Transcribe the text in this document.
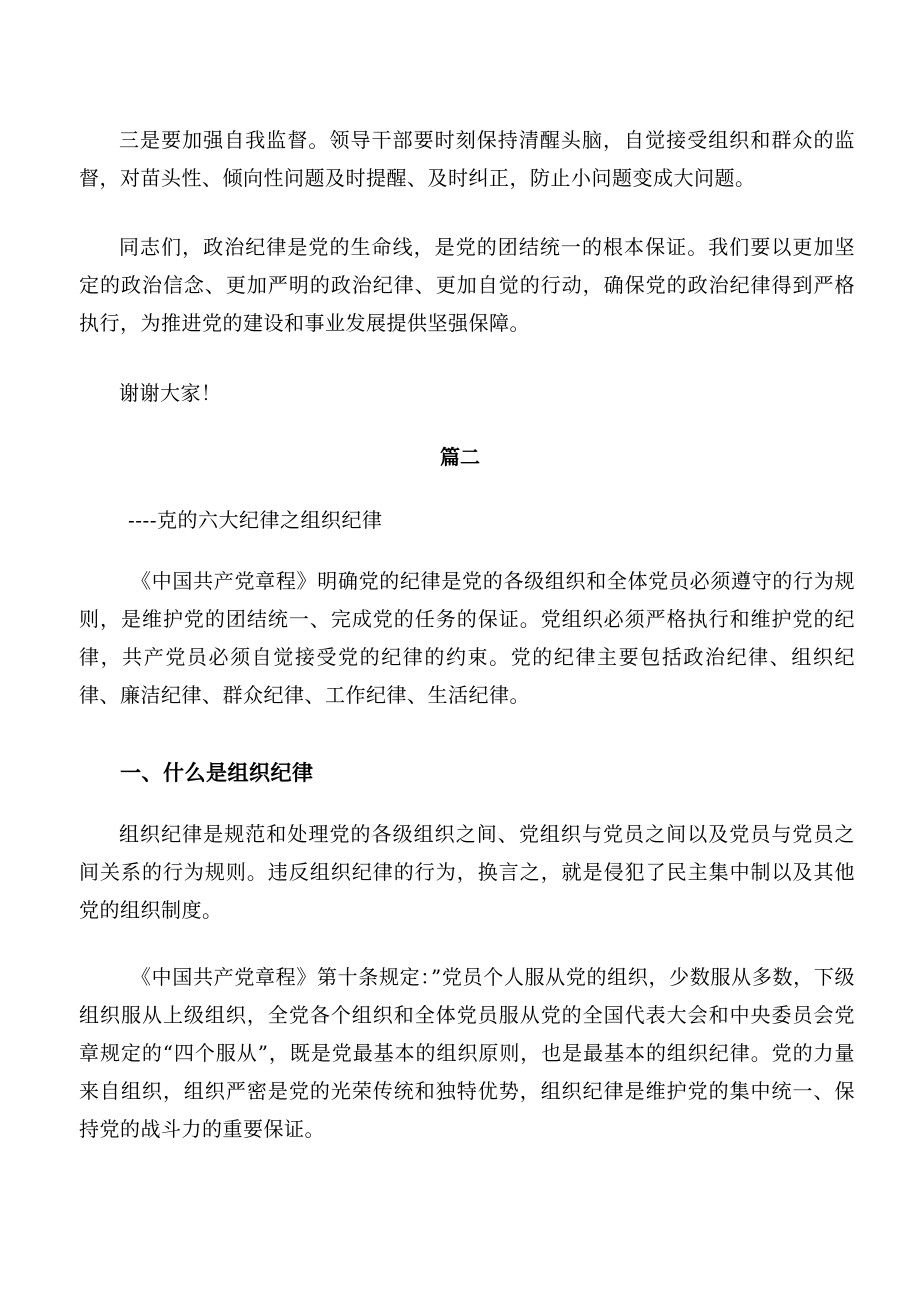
三是要加强自我监督。领导干部要时刻保持清醒头脑，自觉接受组织和群众的监督，对苗头性、倾向性问题及时提醒、及时纠正，防止小问题变成大问题。

同志们，政治纪律是党的生命线，是党的团结统一的根本保证。我们要以更加坚定的政治信念、更加严明的政治纪律、更加自觉的行动，确保党的政治纪律得到严格执行，为推进党的建设和事业发展提供坚强保障。

谢谢大家！

篇二

----克的六大纪律之组织纪律

《中国共产党章程》明确党的纪律是党的各级组织和全体党员必须遵守的行为规则，是维护党的团结统一、完成党的任务的保证。党组织必须严格执行和维护党的纪律，共产党员必须自觉接受党的纪律的约束。党的纪律主要包括政治纪律、组织纪律、廉洁纪律、群众纪律、工作纪律、生活纪律。

一、什么是组织纪律

组织纪律是规范和处理党的各级组织之间、党组织与党员之间以及党员与党员之间关系的行为规则。违反组织纪律的行为，换言之，就是侵犯了民主集中制以及其他党的组织制度。

《中国共产党章程》第十条规定：”党员个人服从党的组织，少数服从多数，下级组织服从上级组织，全党各个组织和全体党员服从党的全国代表大会和中央委员会党章规定的“四个服从”，既是党最基本的组织原则，也是最基本的组织纪律。党的力量来自组织，组织严密是党的光荣传统和独特优势，组织纪律是维护党的集中统一、保持党的战斗力的重要保证。
